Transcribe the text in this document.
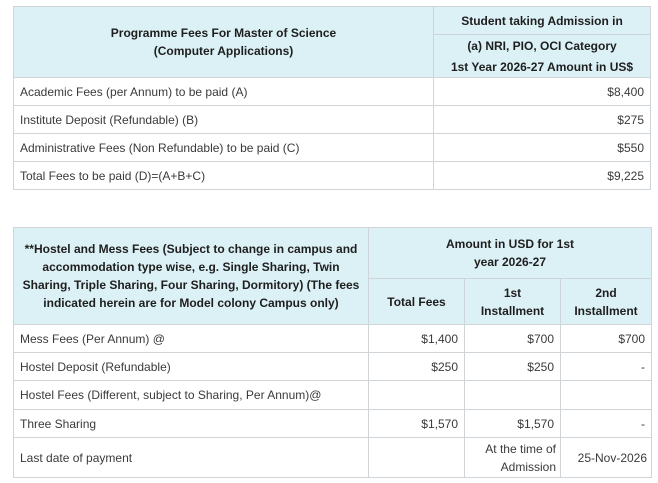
Programme Fees For Master of Science (Computer Applications)	Student taking Admission in
	(a) NRI, PIO, OCI Category
	1st Year 2026-27 Amount in US$
Academic Fees (per Annum) to be paid (A)	$8,400
Institute Deposit (Refundable) (B)	$275
Administrative Fees (Non Refundable) to be paid (C)	$550
Total Fees to be paid (D)=(A+B+C)	$9,225
**Hostel and Mess Fees (Subject to change in campus and accommodation type wise, e.g. Single Sharing, Twin Sharing, Triple Sharing, Four Sharing, Dormitory) (The fees indicated herein are for Model colony Campus only)	Amount in USD for 1st year 2026-27		
	Total Fees	1st Installment	2nd Installment
Mess Fees (Per Annum) @	$1,400	$700	$700
Hostel Deposit (Refundable)	$250	$250	-
Hostel Fees (Different, subject to Sharing, Per Annum)@			
Three Sharing	$1,570	$1,570	-
Last date of payment		At the time of Admission	25-Nov-2026
